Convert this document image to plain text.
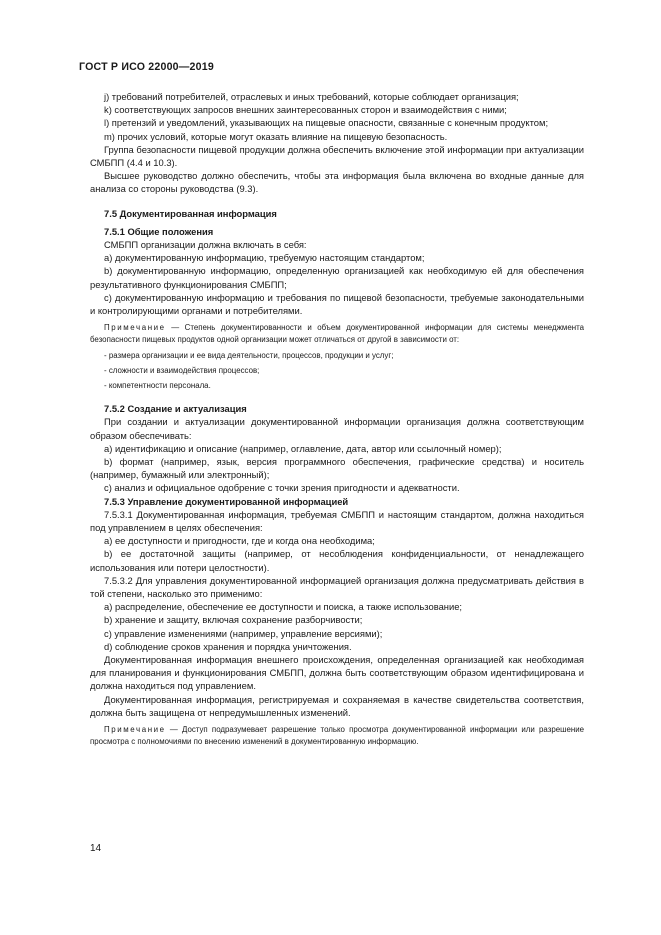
ГОСТ Р ИСО 22000—2019

j) требований потребителей, отраслевых и иных требований, которые соблюдает организация;

k) соответствующих запросов внешних заинтересованных сторон и взаимодействия с ними;

l) претензий и уведомлений, указывающих на пищевые опасности, связанные с конечным продуктом;

m) прочих условий, которые могут оказать влияние на пищевую безопасность.

Группа безопасности пищевой продукции должна обеспечить включение этой информации при актуализации СМБПП (4.4 и 10.3).

Высшее руководство должно обеспечить, чтобы эта информация была включена во входные данные для анализа со стороны руководства (9.3).

7.5 Документированная информация

7.5.1 Общие положения

СМБПП организации должна включать в себя:

a) документированную информацию, требуемую настоящим стандартом;

b) документированную информацию, определенную организацией как необходимую ей для обеспечения результативного функционирования СМБПП;

c) документированную информацию и требования по пищевой безопасности, требуемые законодательными и контролирующими органами и потребителями.

Примечание — Степень документированности и объем документированной информации для системы менеджмента безопасности пищевых продуктов одной организации может отличаться от другой в зависимости от:

- размера организации и ее вида деятельности, процессов, продукции и услуг;

- сложности и взаимодействия процессов;

- компетентности персонала.

7.5.2 Создание и актуализация

При создании и актуализации документированной информации организация должна соответствующим образом обеспечивать:

a) идентификацию и описание (например, оглавление, дата, автор или ссылочный номер);

b) формат (например, язык, версия программного обеспечения, графические средства) и носитель (например, бумажный или электронный);

c) анализ и официальное одобрение с точки зрения пригодности и адекватности.

7.5.3 Управление документированной информацией

7.5.3.1 Документированная информация, требуемая СМБПП и настоящим стандартом, должна находиться под управлением в целях обеспечения:

a) ее доступности и пригодности, где и когда она необходима;

b) ее достаточной защиты (например, от несоблюдения конфиденциальности, от ненадлежащего использования или потери целостности).

7.5.3.2 Для управления документированной информацией организация должна предусматривать действия в той степени, насколько это применимо:

a) распределение, обеспечение ее доступности и поиска, а также использование;

b) хранение и защиту, включая сохранение разборчивости;

c) управление изменениями (например, управление версиями);

d) соблюдение сроков хранения и порядка уничтожения.

Документированная информация внешнего происхождения, определенная организацией как необходимая для планирования и функционирования СМБПП, должна быть соответствующим образом идентифицирована и должна находиться под управлением.

Документированная информация, регистрируемая и сохраняемая в качестве свидетельства соответствия, должна быть защищена от непредумышленных изменений.

Примечание — Доступ подразумевает разрешение только просмотра документированной информации или разрешение просмотра с полномочиями по внесению изменений в документированную информацию.

14
